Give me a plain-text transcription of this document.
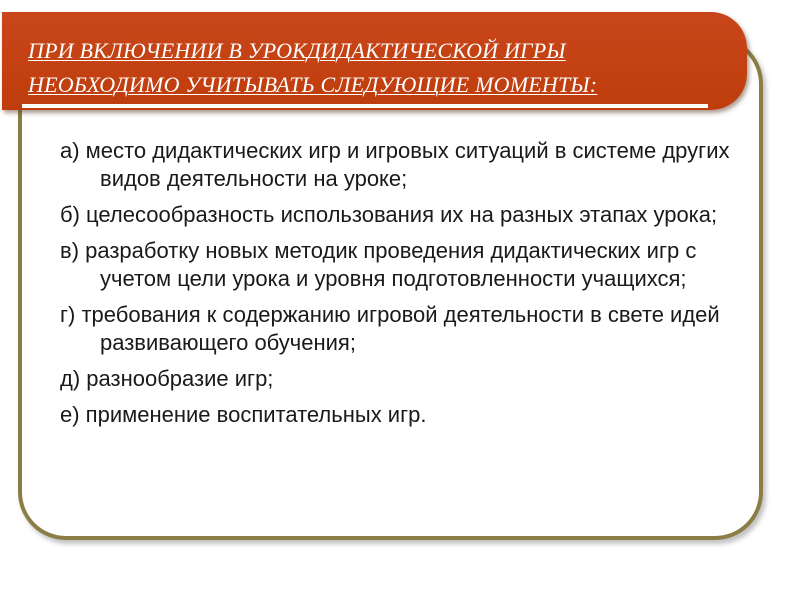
ПРИ ВКЛЮЧЕНИИ В УРОКДИДАКТИЧЕСКОЙ ИГРЫ
НЕОБХОДИМО УЧИТЫВАТЬ СЛЕДУЮЩИЕ МОМЕНТЫ:
а) место дидактических игр и игровых ситуаций в системе других видов деятельности на уроке;
б) целесообразность использования их на разных этапах урока;
в) разработку новых методик проведения дидактических игр с учетом цели урока и уровня подготовленности учащихся;
г) требования к содержанию игровой деятельности в свете идей развивающего обучения;
д) разнообразие игр;
е) применение воспитательных игр.
